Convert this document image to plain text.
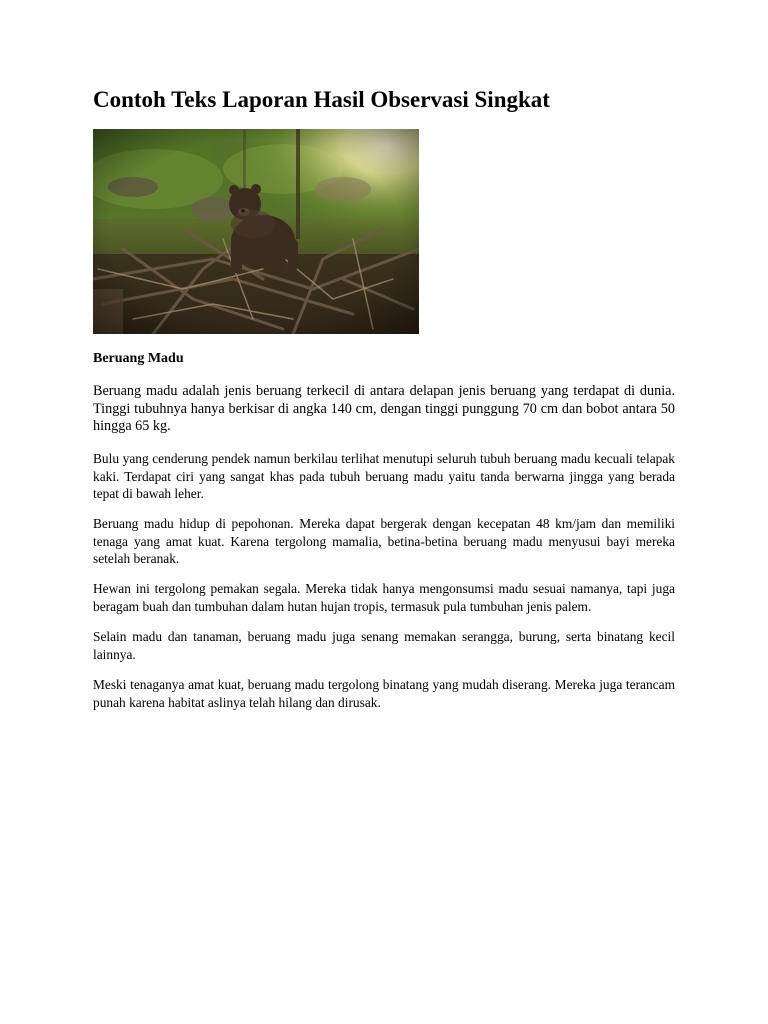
Contoh Teks Laporan Hasil Observasi Singkat
Beruang Madu

Beruang madu adalah jenis beruang terkecil di antara delapan jenis beruang yang terdapat di dunia. Tinggi tubuhnya hanya berkisar di angka 140 cm, dengan tinggi punggung 70 cm dan bobot antara 50 hingga 65 kg.

Bulu yang cenderung pendek namun berkilau terlihat menutupi seluruh tubuh beruang madu kecuali telapak kaki. Terdapat ciri yang sangat khas pada tubuh beruang madu yaitu tanda berwarna jingga yang berada tepat di bawah leher.

Beruang madu hidup di pepohonan. Mereka dapat bergerak dengan kecepatan 48 km/jam dan memiliki tenaga yang amat kuat. Karena tergolong mamalia, betina-betina beruang madu menyusui bayi mereka setelah beranak.

Hewan ini tergolong pemakan segala. Mereka tidak hanya mengonsumsi madu sesuai namanya, tapi juga beragam buah dan tumbuhan dalam hutan hujan tropis, termasuk pula tumbuhan jenis palem.

Selain madu dan tanaman, beruang madu juga senang memakan serangga, burung, serta binatang kecil lainnya.

Meski tenaganya amat kuat, beruang madu tergolong binatang yang mudah diserang. Mereka juga terancam punah karena habitat aslinya telah hilang dan dirusak.
